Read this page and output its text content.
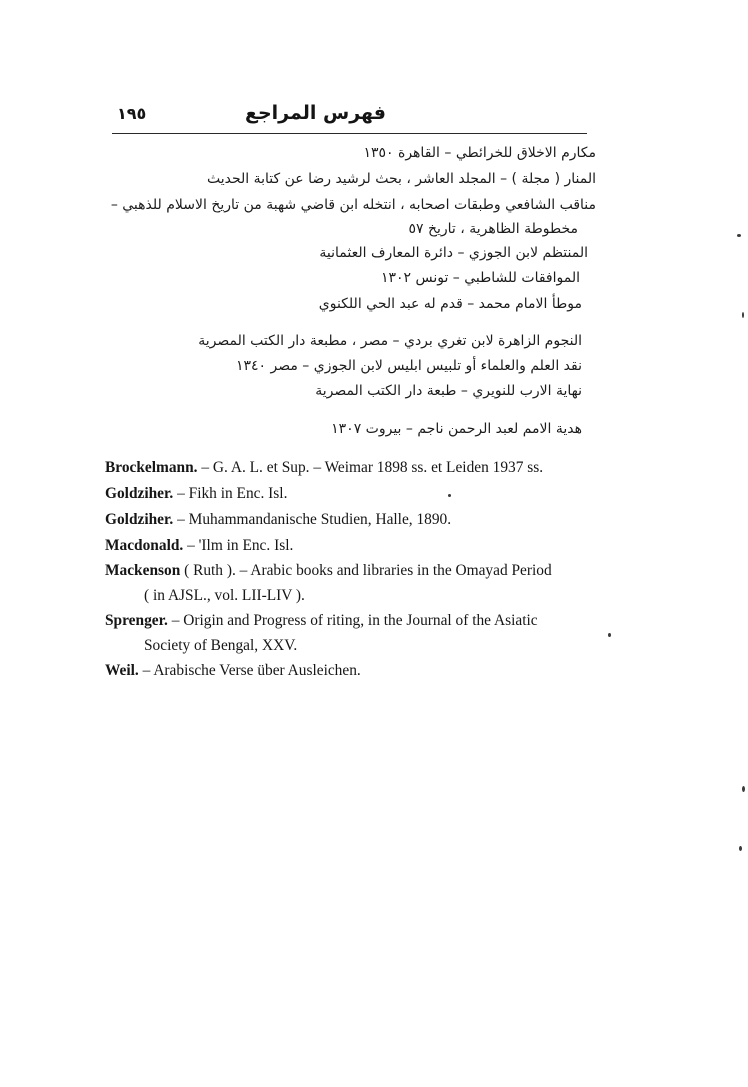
١٩٥	فهرس المراجع
مكارم الاخلاق للخرائطي – القاهرة ١٣٥٠
المنار ( مجلة ) – المجلد العاشر ، بحث لرشيد رضا عن كتابة الحديث
مناقب الشافعي وطبقات اصحابه ، انتخله ابن قاضي شهبة من تاريخ الاسلام للذهبي –
مخطوطة الظاهرية ، تاريخ ٥٧
المنتظم لابن الجوزي – دائرة المعارف العثمانية
الموافقات للشاطبي – تونس ١٣٠٢
موطأ الامام محمد – قدم له عبد الحي اللكنوي
النجوم الزاهرة لابن تغري بردي – مصر ، مطبعة دار الكتب المصرية
نقد العلم والعلماء أو تلبيس ابليس لابن الجوزي – مصر ١٣٤٠
نهاية الارب للنويري – طبعة دار الكتب المصرية
هدية الامم لعبد الرحمن ناجم – بيروت ١٣٠٧
Brockelmann. – G. A. L. et Sup. – Weimar 1898 ss. et Leiden 1937 ss.
Goldziher. – Fikh in Enc. Isl.
Goldziher. – Muhammandanische Studien, Halle, 1890.
Macdonald. – 'Ilm in Enc. Isl.
Mackenson ( Ruth ). – Arabic books and libraries in the Omayad Period
( in AJSL., vol. LII-LIV ).
Sprenger. – Origin and Progress of riting, in the Journal of the Asiatic
Society of Bengal, XXV.
Weil. – Arabische Verse über Ausleichen.
